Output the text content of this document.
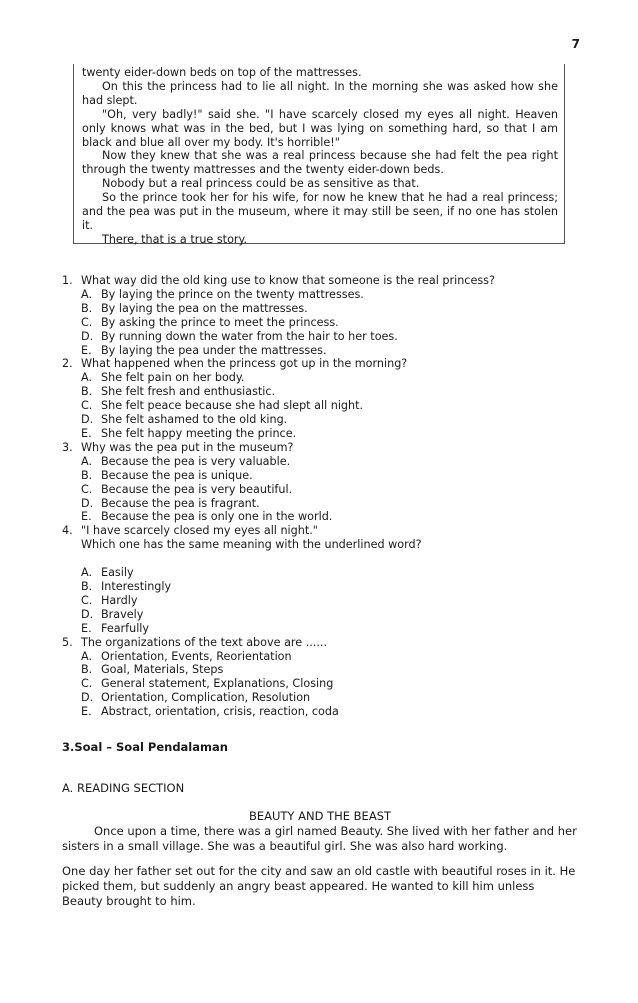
7

twenty eider-down beds on top of the mattresses.

On this the princess had to lie all night. In the morning she was asked how she had slept.

"Oh, very badly!" said she. "I have scarcely closed my eyes all night. Heaven only knows what was in the bed, but I was lying on something hard, so that I am black and blue all over my body. It's horrible!"

Now they knew that she was a real princess because she had felt the pea right through the twenty mattresses and the twenty eider-down beds.

Nobody but a real princess could be as sensitive as that.

So the prince took her for his wife, for now he knew that he had a real princess; and the pea was put in the museum, where it may still be seen, if no one has stolen it.

There, that is a true story.

1. What way did the old king use to know that someone is the real princess?
A. By laying the prince on the twenty mattresses.
B. By laying the pea on the mattresses.
C. By asking the prince to meet the princess.
D. By running down the water from the hair to her toes.
E. By laying the pea under the mattresses.
2. What happened when the princess got up in the morning?
A. She felt pain on her body.
B. She felt fresh and enthusiastic.
C. She felt peace because she had slept all night.
D. She felt ashamed to the old king.
E. She felt happy meeting the prince.
3. Why was the pea put in the museum?
A. Because the pea is very valuable.
B. Because the pea is unique.
C. Because the pea is very beautiful.
D. Because the pea is fragrant.
E. Because the pea is only one in the world.
4. "I have scarcely closed my eyes all night."
Which one has the same meaning with the underlined word?
A. Easily
B. Interestingly
C. Hardly
D. Bravely
E. Fearfully
5. The organizations of the text above are ......
A. Orientation, Events, Reorientation
B. Goal, Materials, Steps
C. General statement, Explanations, Closing
D. Orientation, Complication, Resolution
E. Abstract, orientation, crisis, reaction, coda
3.Soal – Soal Pendalaman
A. READING SECTION
BEAUTY AND THE BEAST

Once upon a time, there was a girl named Beauty. She lived with her father and her sisters in a small village. She was a beautiful girl. She was also hard working.

One day her father set out for the city and saw an old castle with beautiful roses in it. He picked them, but suddenly an angry beast appeared. He wanted to kill him unless Beauty brought to him.
